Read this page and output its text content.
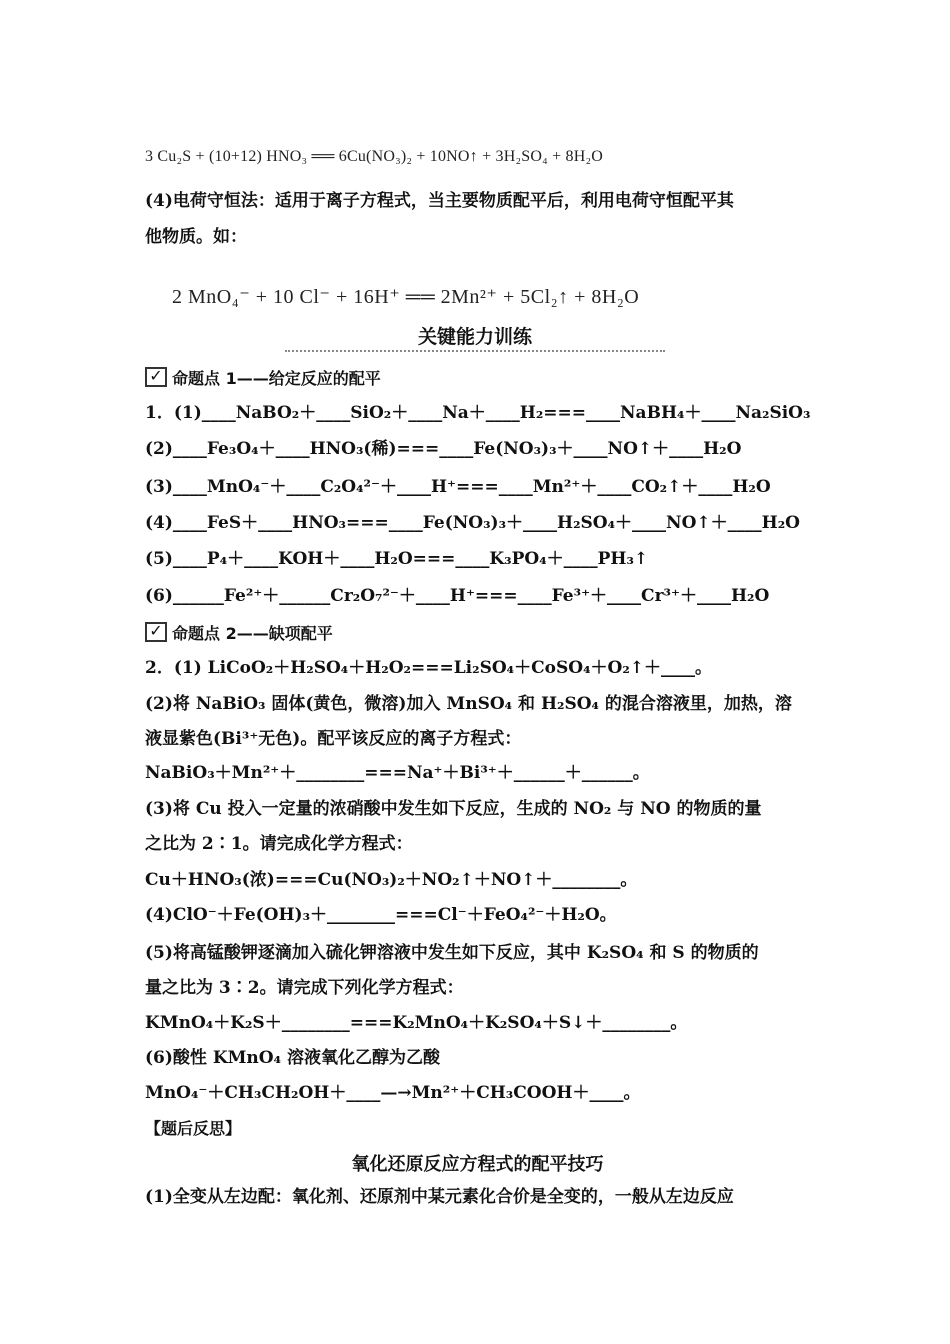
3 Cu₂S + (10+12) HNO₃ ══ 6Cu(NO₃)₂ + 10NO↑ + 3H₂SO₄ + 8H₂O
(4)电荷守恒法：适用于离子方程式，当主要物质配平后，利用电荷守恒配平其
他物质。如：
2 MnO₄⁻ + 10 Cl⁻ + 16H⁺ ══ 2Mn²⁺ + 5Cl₂↑ + 8H₂O
关键能力训练
✓ 命题点 1——给定反应的配平
1．(1)____NaBO₂＋____SiO₂＋____Na＋____H₂===____NaBH₄＋____Na₂SiO₃
(2)____Fe₃O₄＋____HNO₃(稀)===____Fe(NO₃)₃＋____NO↑＋____H₂O
(3)____MnO₄⁻＋____C₂O₄²⁻＋____H⁺===____Mn²⁺＋____CO₂↑＋____H₂O
(4)____FeS＋____HNO₃===____Fe(NO₃)₃＋____H₂SO₄＋____NO↑＋____H₂O
(5)____P₄＋____KOH＋____H₂O===____K₃PO₄＋____PH₃↑
(6)______Fe²⁺＋______Cr₂O₇²⁻＋____H⁺===____Fe³⁺＋____Cr³⁺＋____H₂O
✓ 命题点 2——缺项配平
2．(1) LiCoO₂＋H₂SO₄＋H₂O₂===Li₂SO₄＋CoSO₄＋O₂↑＋____。
(2)将 NaBiO₃ 固体(黄色，微溶)加入 MnSO₄ 和 H₂SO₄ 的混合溶液里，加热，溶
液显紫色(Bi³⁺无色)。配平该反应的离子方程式：
NaBiO₃＋Mn²⁺＋________===Na⁺＋Bi³⁺＋______＋______。
(3)将 Cu 投入一定量的浓硝酸中发生如下反应，生成的 NO₂ 与 NO 的物质的量
之比为 2∶1。请完成化学方程式：
Cu＋HNO₃(浓)===Cu(NO₃)₂＋NO₂↑＋NO↑＋________。
(4)ClO⁻＋Fe(OH)₃＋________===Cl⁻＋FeO₄²⁻＋H₂O。
(5)将高锰酸钾逐滴加入硫化钾溶液中发生如下反应，其中 K₂SO₄ 和 S 的物质的
量之比为 3∶2。请完成下列化学方程式：
KMnO₄＋K₂S＋________===K₂MnO₄＋K₂SO₄＋S↓＋________。
(6)酸性 KMnO₄ 溶液氧化乙醇为乙酸
MnO₄⁻＋CH₃CH₂OH＋____—→Mn²⁺＋CH₃COOH＋____。
【题后反思】
氧化还原反应方程式的配平技巧
(1)全变从左边配：氧化剂、还原剂中某元素化合价是全变的，一般从左边反应
